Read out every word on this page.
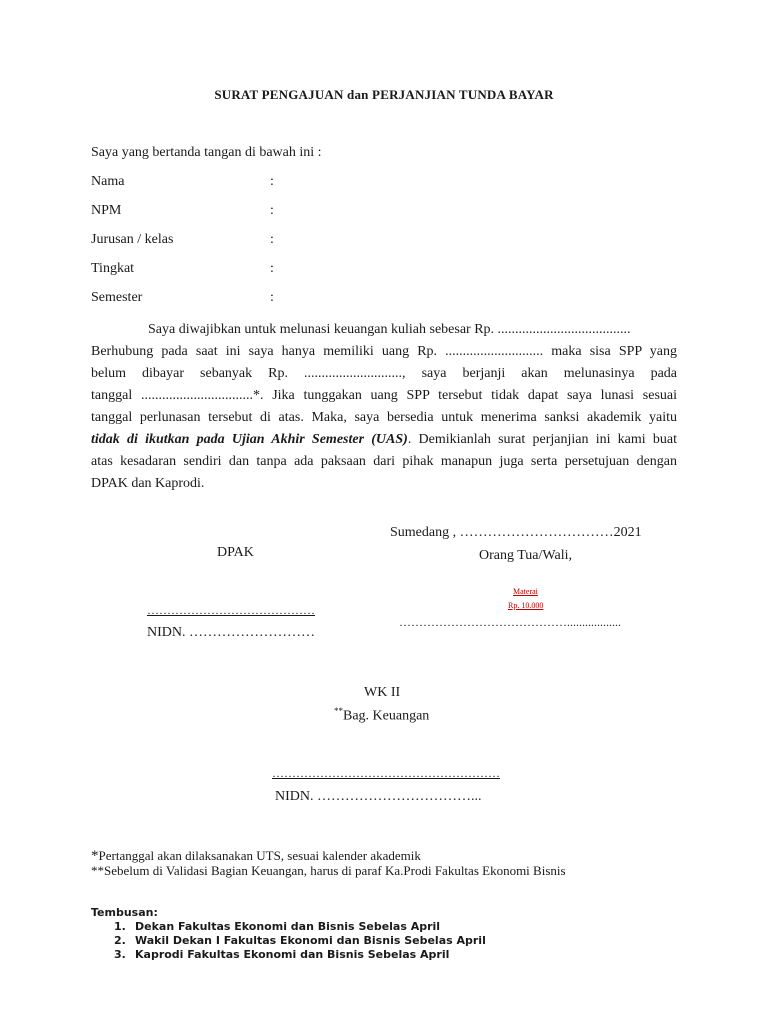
SURAT PENGAJUAN dan PERJANJIAN TUNDA BAYAR
Saya yang bertanda tangan di bawah ini :
Nama	:
NPM	:
Jurusan / kelas	:
Tingkat	:
Semester	:
Saya diwajibkan untuk melunasi keuangan kuliah sebesar Rp. ......................................
Berhubung pada saat ini saya hanya memiliki uang Rp. ............................ maka sisa SPP yang
belum dibayar sebanyak Rp. ............................, saya berjanji akan melunasinya pada
tanggal ................................*. Jika tunggakan uang SPP tersebut tidak dapat saya lunasi sesuai
tanggal perlunasan tersebut di atas. Maka, saya bersedia untuk menerima sanksi akademik yaitu
tidak di ikutkan pada Ujian Akhir Semester (UAS). Demikianlah surat perjanjian ini kami buat
atas kesadaran sendiri dan tanpa ada paksaan dari pihak manapun juga serta persetujuan dengan
DPAK dan Kaprodi.
Sumedang , ……………………………2021
DPAK	Orang Tua/Wali,
Materai
Rp. 10.000
……………………………………
NIDN. ………………………
……………………………………..................
WK II
**Bag. Keuangan
…………………………………………………
NIDN. ……………………………...
*Pertanggal akan dilaksanakan UTS, sesuai kalender akademik
**Sebelum di Validasi Bagian Keuangan, harus di paraf Ka.Prodi Fakultas Ekonomi Bisnis
Tembusan:
1. Dekan Fakultas Ekonomi dan Bisnis Sebelas April
2. Wakil Dekan I Fakultas Ekonomi dan Bisnis Sebelas April
3. Kaprodi Fakultas Ekonomi dan Bisnis Sebelas April
